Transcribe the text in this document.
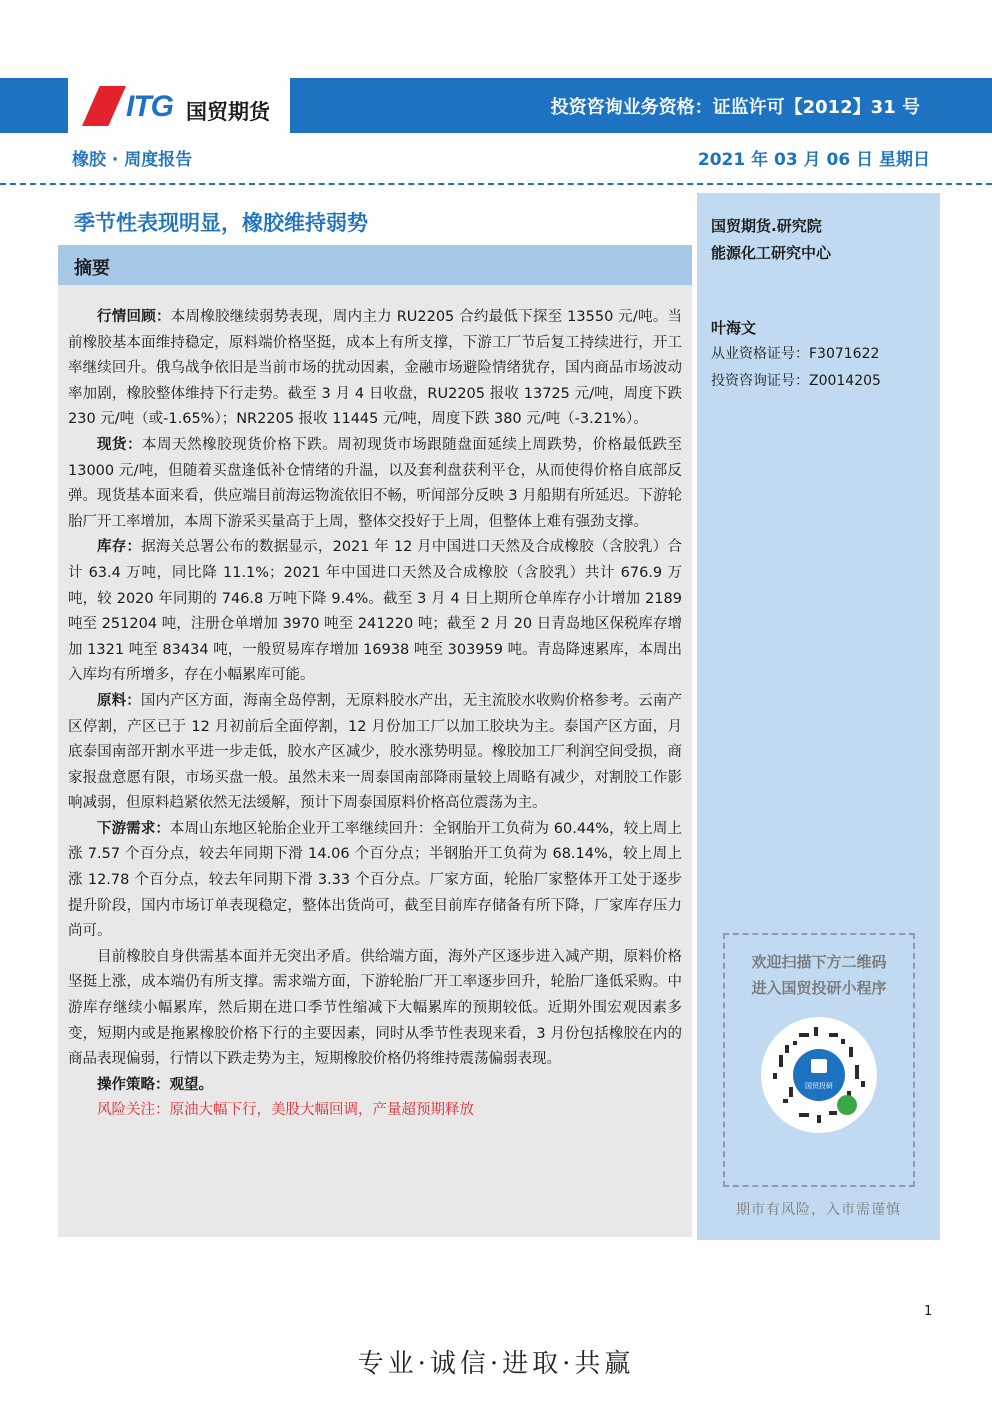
ITG 国贸期货	投资咨询业务资格：证监许可【2012】31 号
橡胶 · 周度报告	2021 年 03 月 06 日 星期日
季节性表现明显，橡胶维持弱势
摘要

行情回顾：本周橡胶继续弱势表现，周内主力 RU2205 合约最低下探至 13550 元/吨。当前橡胶基本面维持稳定，原料端价格坚挺，成本上有所支撑，下游工厂节后复工持续进行，开工率继续回升。俄乌战争依旧是当前市场的扰动因素，金融市场避险情绪犹存，国内商品市场波动率加剧，橡胶整体维持下行走势。截至 3 月 4 日收盘，RU2205 报收 13725 元/吨，周度下跌 230 元/吨（或-1.65%）；NR2205 报收 11445 元/吨，周度下跌 380 元/吨（-3.21%）。

现货：本周天然橡胶现货价格下跌。周初现货市场跟随盘面延续上周跌势，价格最低跌至 13000 元/吨，但随着买盘逢低补仓情绪的升温，以及套利盘获利平仓，从而使得价格自底部反弹。现货基本面来看，供应端目前海运物流依旧不畅，听闻部分反映 3 月船期有所延迟。下游轮胎厂开工率增加，本周下游采买量高于上周，整体交投好于上周，但整体上难有强劲支撑。

库存：据海关总署公布的数据显示，2021 年 12 月中国进口天然及合成橡胶（含胶乳）合计 63.4 万吨，同比降 11.1%；2021 年中国进口天然及合成橡胶（含胶乳）共计 676.9 万吨，较 2020 年同期的 746.8 万吨下降 9.4%。截至 3 月 4 日上期所仓单库存小计增加 2189 吨至 251204 吨，注册仓单增加 3970 吨至 241220 吨；截至 2 月 20 日青岛地区保税库存增加 1321 吨至 83434 吨，一般贸易库存增加 16938 吨至 303959 吨。青岛降速累库，本周出入库均有所增多，存在小幅累库可能。

原料：国内产区方面，海南全岛停割，无原料胶水产出，无主流胶水收购价格参考。云南产区停割，产区已于 12 月初前后全面停割，12 月份加工厂以加工胶块为主。泰国产区方面，月底泰国南部开割水平进一步走低，胶水产区减少，胶水涨势明显。橡胶加工厂利润空间受损，商家报盘意愿有限，市场买盘一般。虽然未来一周泰国南部降雨量较上周略有减少，对割胶工作影响减弱，但原料趋紧依然无法缓解，预计下周泰国原料价格高位震荡为主。

下游需求：本周山东地区轮胎企业开工率继续回升：全钢胎开工负荷为 60.44%，较上周上涨 7.57 个百分点，较去年同期下滑 14.06 个百分点；半钢胎开工负荷为 68.14%，较上周上涨 12.78 个百分点，较去年同期下滑 3.33 个百分点。厂家方面，轮胎厂家整体开工处于逐步提升阶段，国内市场订单表现稳定，整体出货尚可，截至目前库存储备有所下降，厂家库存压力尚可。

目前橡胶自身供需基本面并无突出矛盾。供给端方面，海外产区逐步进入减产期，原料价格坚挺上涨，成本端仍有所支撑。需求端方面，下游轮胎厂开工率逐步回升，轮胎厂逢低采购。中游库存继续小幅累库，然后期在进口季节性缩减下大幅累库的预期较低。近期外围宏观因素多变，短期内或是拖累橡胶价格下行的主要因素，同时从季节性表现来看，3 月份包括橡胶在内的商品表现偏弱，行情以下跌走势为主，短期橡胶价格仍将维持震荡偏弱表现。

操作策略：观望。

风险关注：原油大幅下行，美股大幅回调，产量超预期释放

国贸期货.研究院
能源化工研究中心
叶海文
从业资格证号：F3071622
投资咨询证号：Z0014205
欢迎扫描下方二维码
进入国贸投研小程序
国贸投研
期市有风险，入市需谨慎
1
专业·诚信·进取·共赢
